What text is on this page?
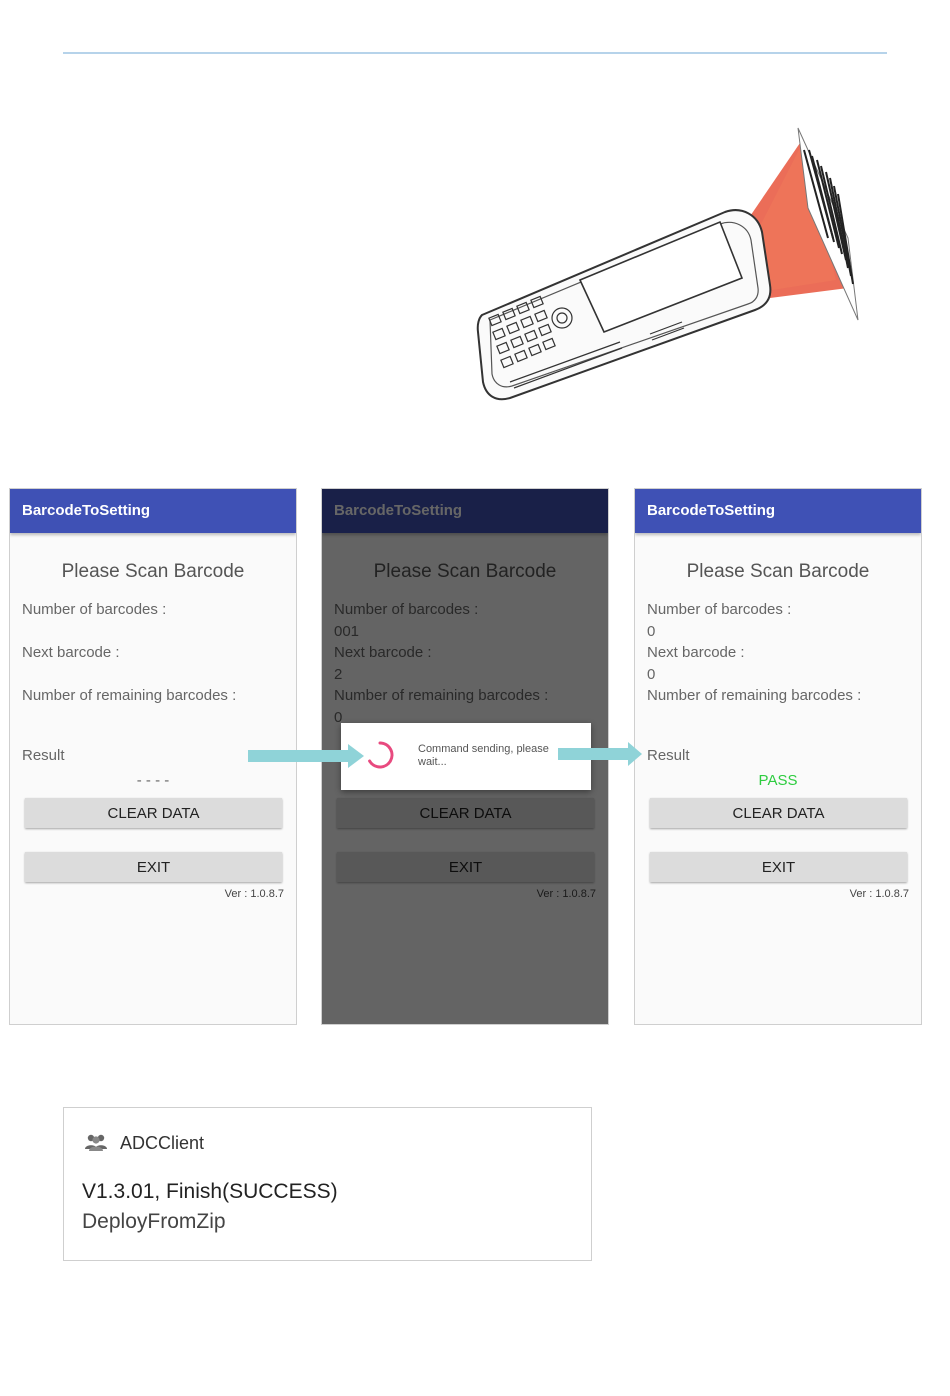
BarcodeToSetting
Please Scan Barcode
Number of barcodes :
Next barcode :
Number of remaining barcodes :
Result
- - - -
CLEAR DATA
EXIT
Ver : 1.0.8.7
BarcodeToSetting
Please Scan Barcode
Number of barcodes :
0
Next barcode :
0
Number of remaining barcodes :
Result
PASS
CLEAR DATA
EXIT
Ver : 1.0.8.7
Command sending, please wait...
ADCClient
V1.3.01, Finish(SUCCESS)
DeployFromZip
